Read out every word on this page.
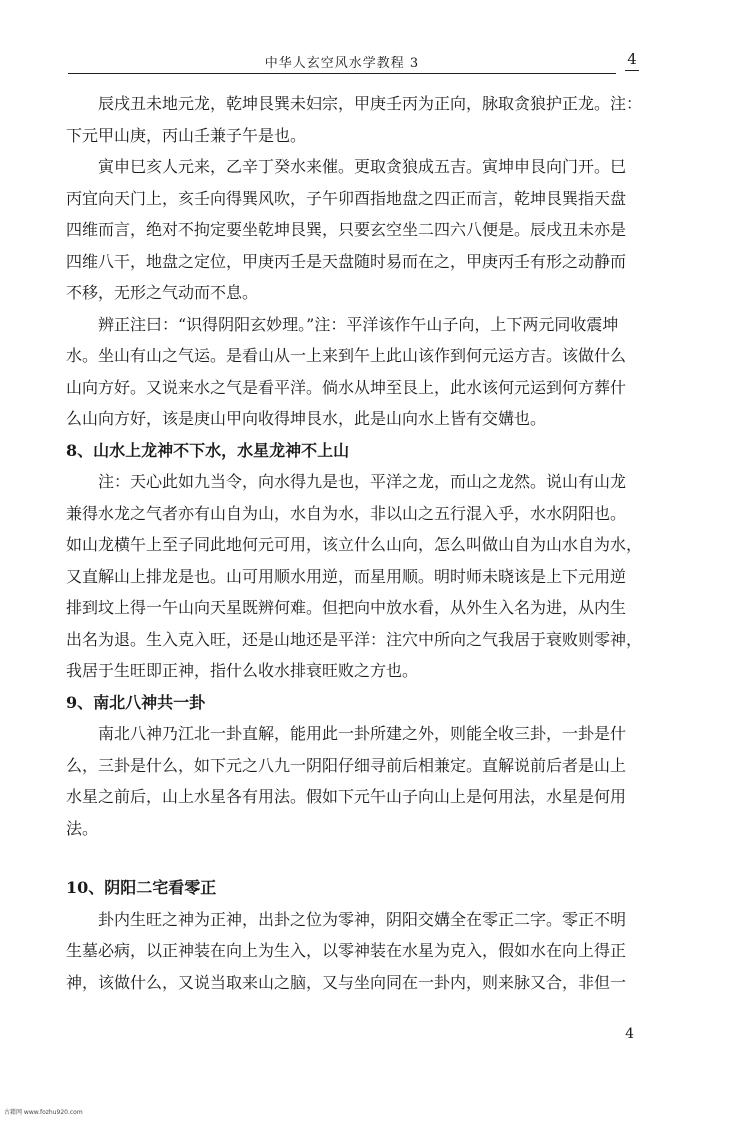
中华人玄空风水学教程 3	4
辰戌丑未地元龙，乾坤艮巽未妇宗，甲庚壬丙为正向，脉取贪狼护正龙。注：
下元甲山庚，丙山壬兼子午是也。
寅申巳亥人元来，乙辛丁癸水来催。更取贪狼成五吉。寅坤申艮向门开。巳
丙宜向天门上，亥壬向得巽风吹，子午卯酉指地盘之四正而言，乾坤艮巽指天盘
四维而言，绝对不拘定要坐乾坤艮巽，只要玄空坐二四六八便是。辰戌丑未亦是
四维八干，地盘之定位，甲庚丙壬是天盘随时易而在之，甲庚丙壬有形之动静而
不移，无形之气动而不息。
辨正注曰：“识得阴阳玄妙理。”注：平洋该作午山子向，上下两元同收震坤
水。坐山有山之气运。是看山从一上来到午上此山该作到何元运方吉。该做什么
山向方好。又说来水之气是看平洋。倘水从坤至艮上，此水该何元运到何方葬什
么山向方好，该是庚山甲向收得坤艮水，此是山向水上皆有交媾也。
8、山水上龙神不下水，水星龙神不上山
注：天心此如九当令，向水得九是也，平洋之龙，而山之龙然。说山有山龙
兼得水龙之气者亦有山自为山，水自为水，非以山之五行混入乎，水水阴阳也。
如山龙横午上至子同此地何元可用，该立什么山向，怎么叫做山自为山水自为水，
又直解山上排龙是也。山可用顺水用逆，而星用顺。明时师未晓该是上下元用逆
排到坟上得一午山向天星既辨何难。但把向中放水看，从外生入名为进，从内生
出名为退。生入克入旺，还是山地还是平洋：注穴中所向之气我居于衰败则零神，
我居于生旺即正神，指什么收水排衰旺败之方也。
9、南北八神共一卦
南北八神乃江北一卦直解，能用此一卦所建之外，则能全收三卦，一卦是什
么，三卦是什么，如下元之八九一阴阳仔细寻前后相兼定。直解说前后者是山上
水星之前后，山上水星各有用法。假如下元午山子向山上是何用法，水星是何用
法。
10、阴阳二宅看零正
卦内生旺之神为正神，出卦之位为零神，阴阳交媾全在零正二字。零正不明
生墓必病，以正神装在向上为生入，以零神装在水星为克入，假如水在向上得正
神，该做什么，又说当取来山之脑，又与坐向同在一卦内，则来脉又合，非但一
4
古藉网 www.fozhu920.com
